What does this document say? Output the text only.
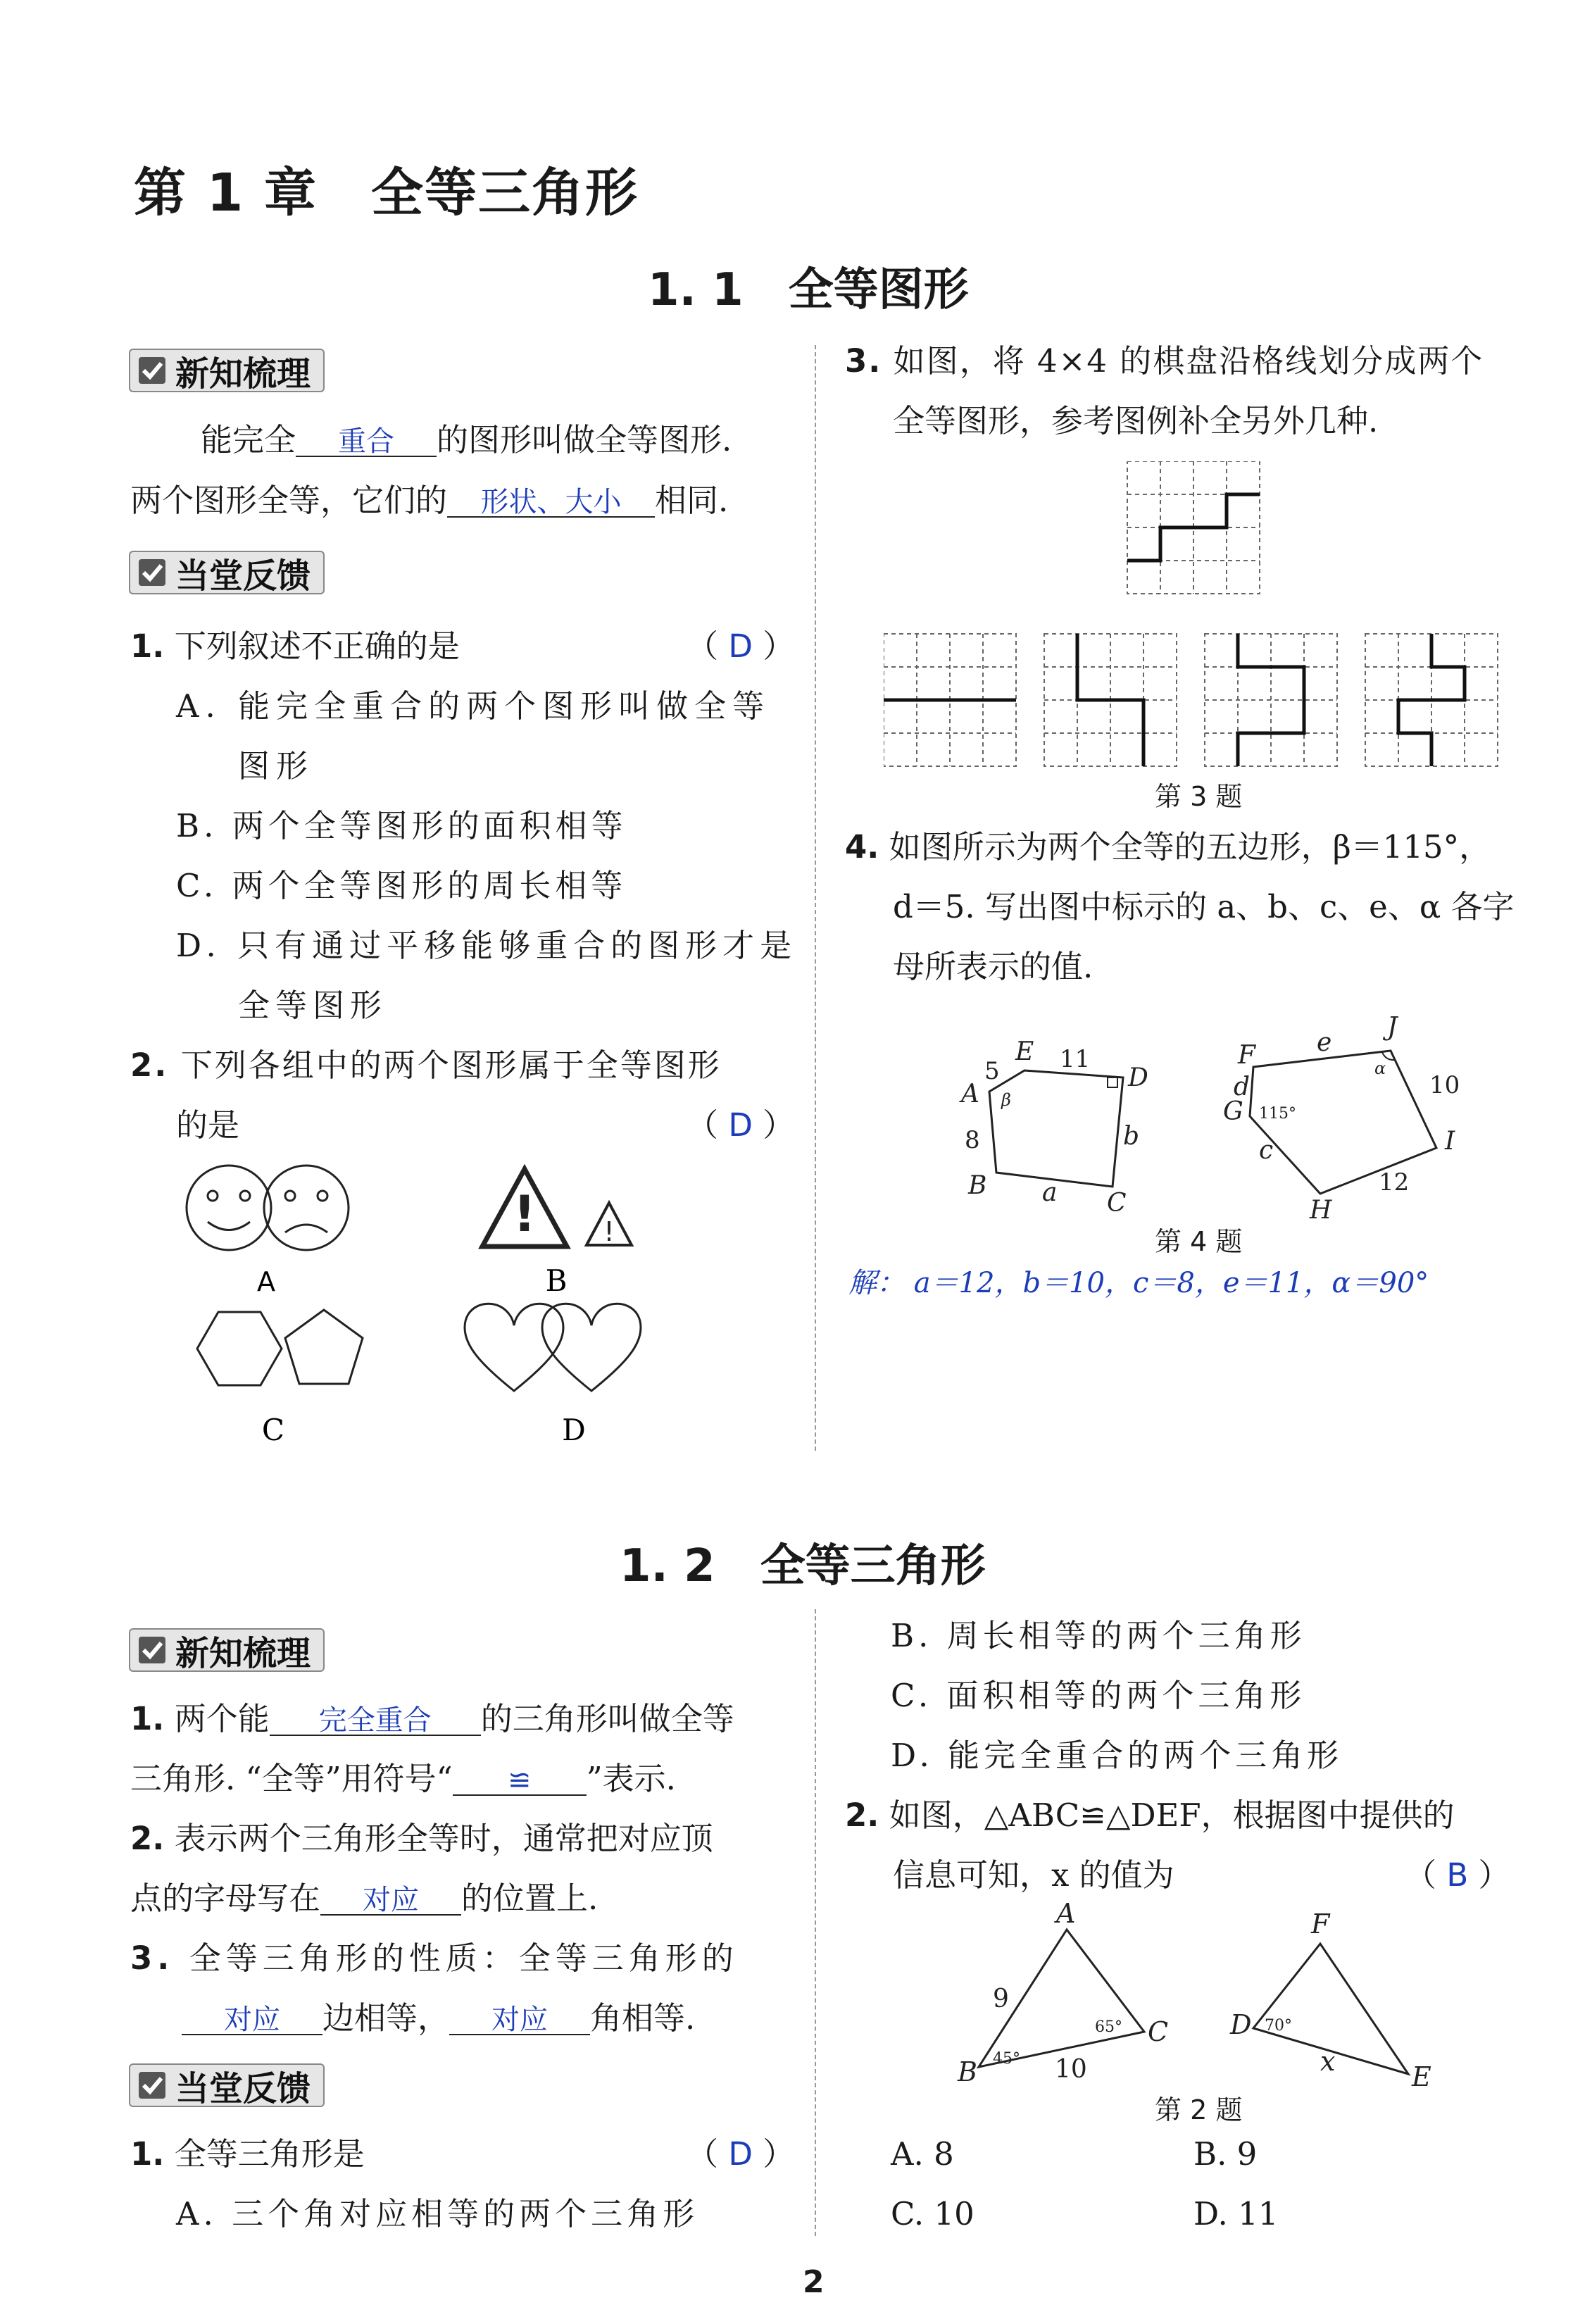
第 1 章　全等三角形
1. 1　全等图形
新知梳理
能完全 重合 的图形叫做全等图形.
两个图形全等，它们的 形状、大小 相同.
当堂反馈
1. 下列叙述不正确的是	（ D ）
A. 能完全重合的两个图形叫做全等
图形
B. 两个全等图形的面积相等
C. 两个全等图形的周长相等
D. 只有通过平移能够重合的图形才是
全等图形
2. 下列各组中的两个图形属于全等图形
的是	（ D ）
!	!
A	B
C	D
3. 如图，将 4×4 的棋盘沿格线划分成两个
全等图形，参考图例补全另外几种.
第 3 题
4. 如图所示为两个全等的五边形，β＝115°，
d＝5. 写出图中标示的 a、b、c、e、α 各字
母所表示的值.
A
B
C
D
E
5	11
8
a
b
β
F
G
H
I
J
d
e
10
12
c
α
115°
第 4 题
解： a＝12，b＝10，c＝8，e＝11，α＝90°
1. 2　全等三角形
新知梳理
1. 两个能 完全重合 的三角形叫做全等
三角形. “全等”用符号“ ≌ ”表示.
2. 表示两个三角形全等时，通常把对应顶
点的字母写在 对应 的位置上.
3. 全等三角形的性质：全等三角形的
对应 边相等， 对应 角相等.
当堂反馈
1. 全等三角形是	（ D ）
A. 三个角对应相等的两个三角形
B. 周长相等的两个三角形
C. 面积相等的两个三角形
D. 能完全重合的两个三角形
2. 如图，△ABC≌△DEF，根据图中提供的
信息可知，x 的值为	（ B ）
A
B
C D
E
F
9
10	x
45°
65°	70°
第 2 题
A. 8	B. 9
C. 10	D. 11
2
